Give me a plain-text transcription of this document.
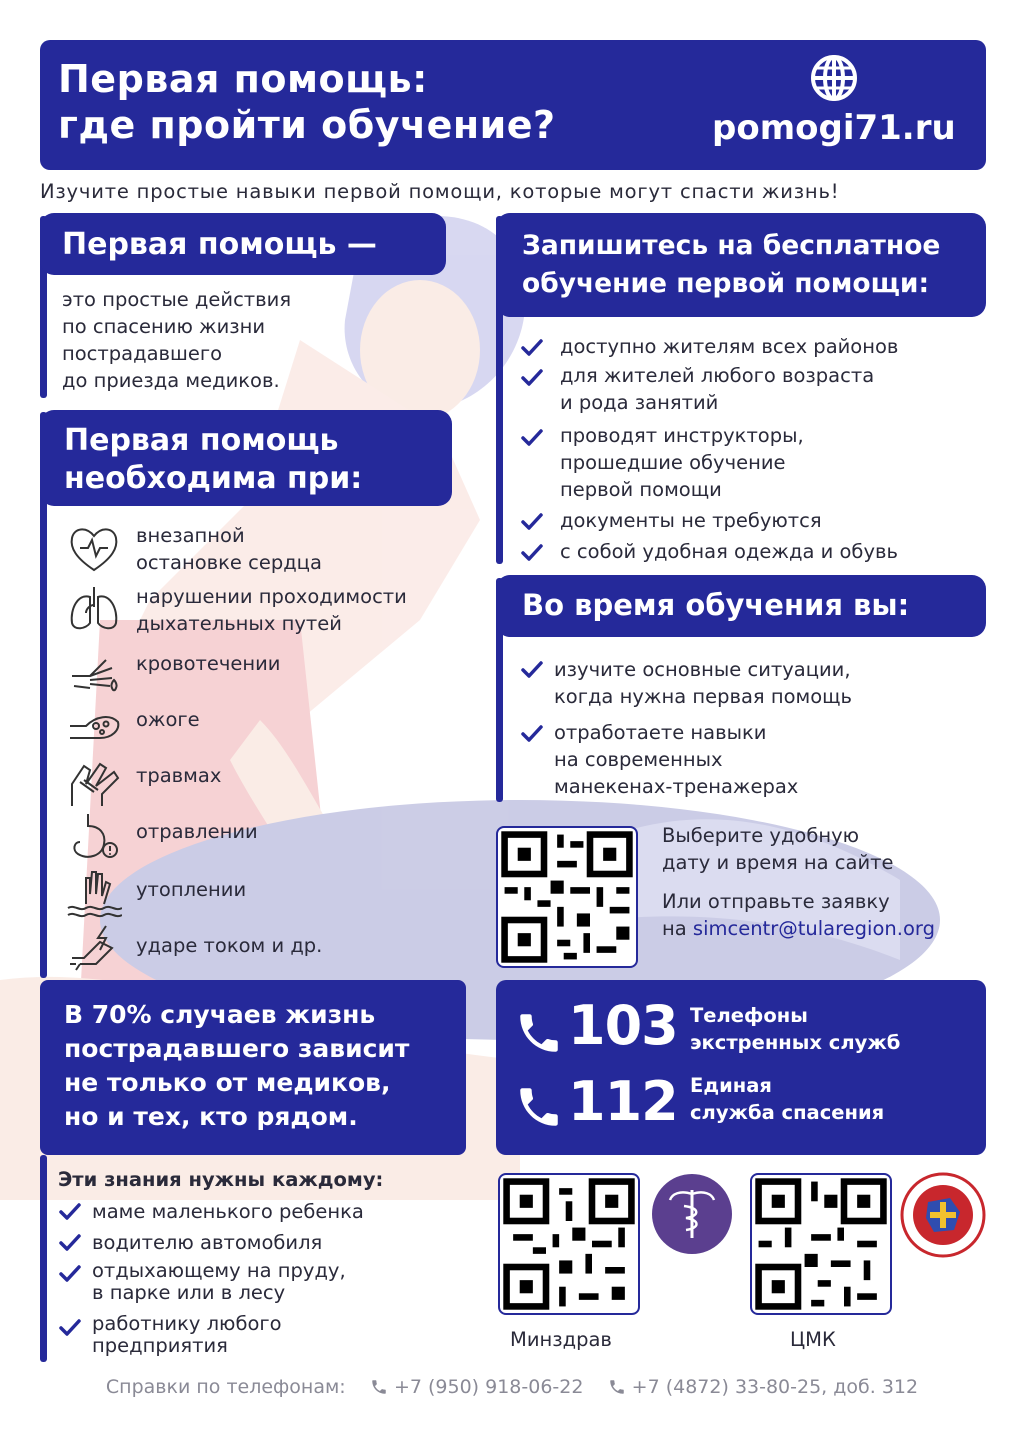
Первая помощь:
где пройти обучение?	pomogi71.ru
Изучите простые навыки первой помощи, которые могут спасти жизнь!
Первая помощь —
это простые действия
по спасению жизни
пострадавшего
до приезда медиков.
Первая помощь
необходима при:
внезапной
остановке сердца
нарушении проходимости
дыхательных путей
кровотечении
ожоге
травмах
отравлении
утоплении
ударе током и др.
В 70% случаев жизнь
пострадавшего зависит
не только от медиков,
но и тех, кто рядом.
Эти знания нужны каждому:
маме маленького ребенка
водителю автомобиля
отдыхающему на пруду,
в парке или в лесу
работнику любого
предприятия
Запишитесь на бесплатное
обучение первой помощи:
доступно жителям всех районов
для жителей любого возраста
и рода занятий
проводят инструкторы,
прошедшие обучение
первой помощи
документы не требуются
с собой удобная одежда и обувь
Во время обучения вы:
изучите основные ситуации,
когда нужна первая помощь
отработаете навыки
на современных
манекенах-тренажерах
Выберите удобную
дату и время на сайте
Или отправьте заявку
на simcentr@tularegion.org
103 Телефоны
экстренных служб
112 Единая
служба спасения
Минздрав	ЦМК
Справки по телефонам:	+7 (950) 918-06-22	+7 (4872) 33-80-25, доб. 312
